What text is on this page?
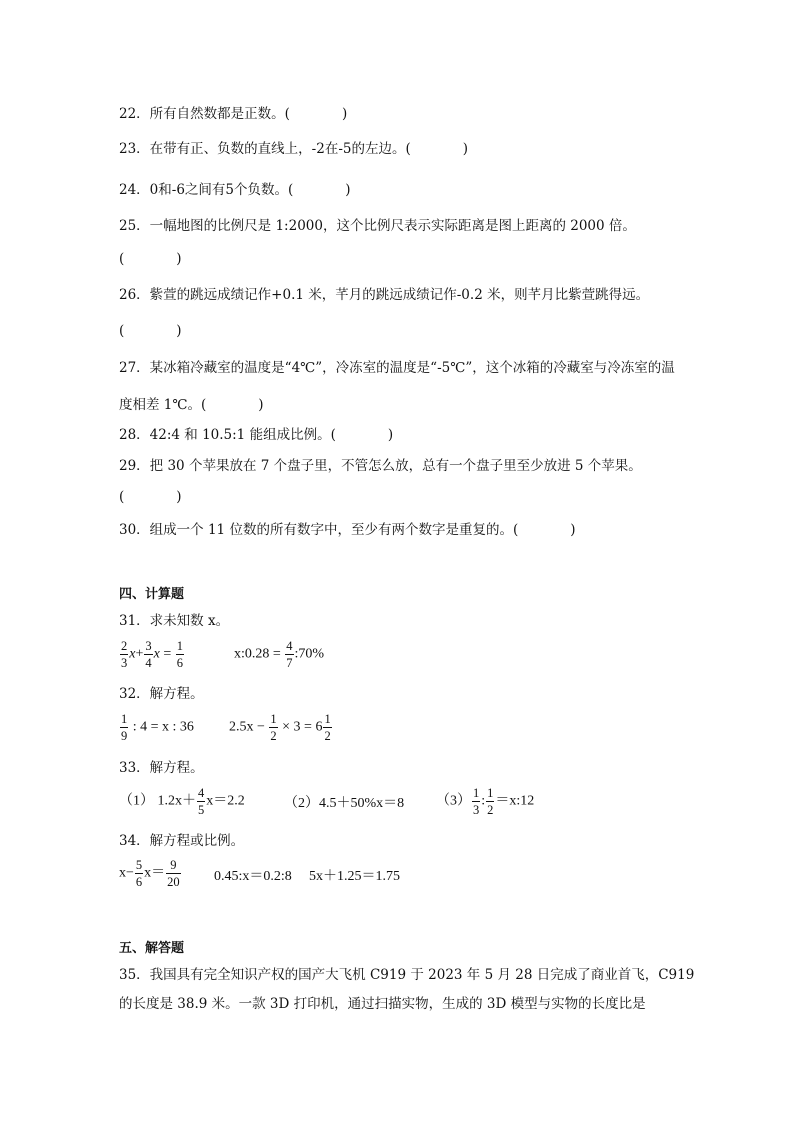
22．所有自然数都是正数。(	)
23．在带有正、负数的直线上，-2在-5的左边。(	)
24．0和-6之间有5个负数。(	)
25．一幅地图的比例尺是 1:2000，这个比例尺表示实际距离是图上距离的 2000 倍。
(	)
26．紫萱的跳远成绩记作+0.1 米，芊月的跳远成绩记作-0.2 米，则芊月比紫萱跳得远。
(	)
27．某冰箱冷藏室的温度是“4℃”，冷冻室的温度是“-5℃”，这个冰箱的冷藏室与冷冻室的温
度相差 1℃。(	)
28．42:4 和 10.5:1 能组成比例。(	)
29．把 30 个苹果放在 7 个盘子里，不管怎么放，总有一个盘子里至少放进 5 个苹果。
(	)
30．组成一个 11 位数的所有数字中，至少有两个数字是重复的。(	)
四、计算题
31．求未知数 x。
$\frac{2}{3} x+ \frac{3}{4}$ $x = \frac{1}{6}$	x:0.28 = $\frac{4}{7}$ :70%
32．解方程。
$\frac{1}{9}$ : 4 = x : 36	$2.5x - \frac{1}{2} \times 3 = 6 \frac{1}{2}$
33．解方程。
（1） $1.2x+ \frac{4}{5} x=2.2$	（2）4.5＋50%x＝8 $(3) \frac{1}{3}$ : $\frac{1}{2}$ ＝x:12
34．解方程或比例。
$x- \frac{5}{6} x= \frac{9}{20}$ 0.45:x＝0.2:8 5x＋1.25＝1.75
五、解答题
35．我国具有完全知识产权的国产大飞机 C919 于 2023 年 5 月 28 日完成了商业首飞，C919
的长度是 38.9 米。一款 3D 打印机，通过扫描实物，生成的 3D 模型与实物的长度比是
